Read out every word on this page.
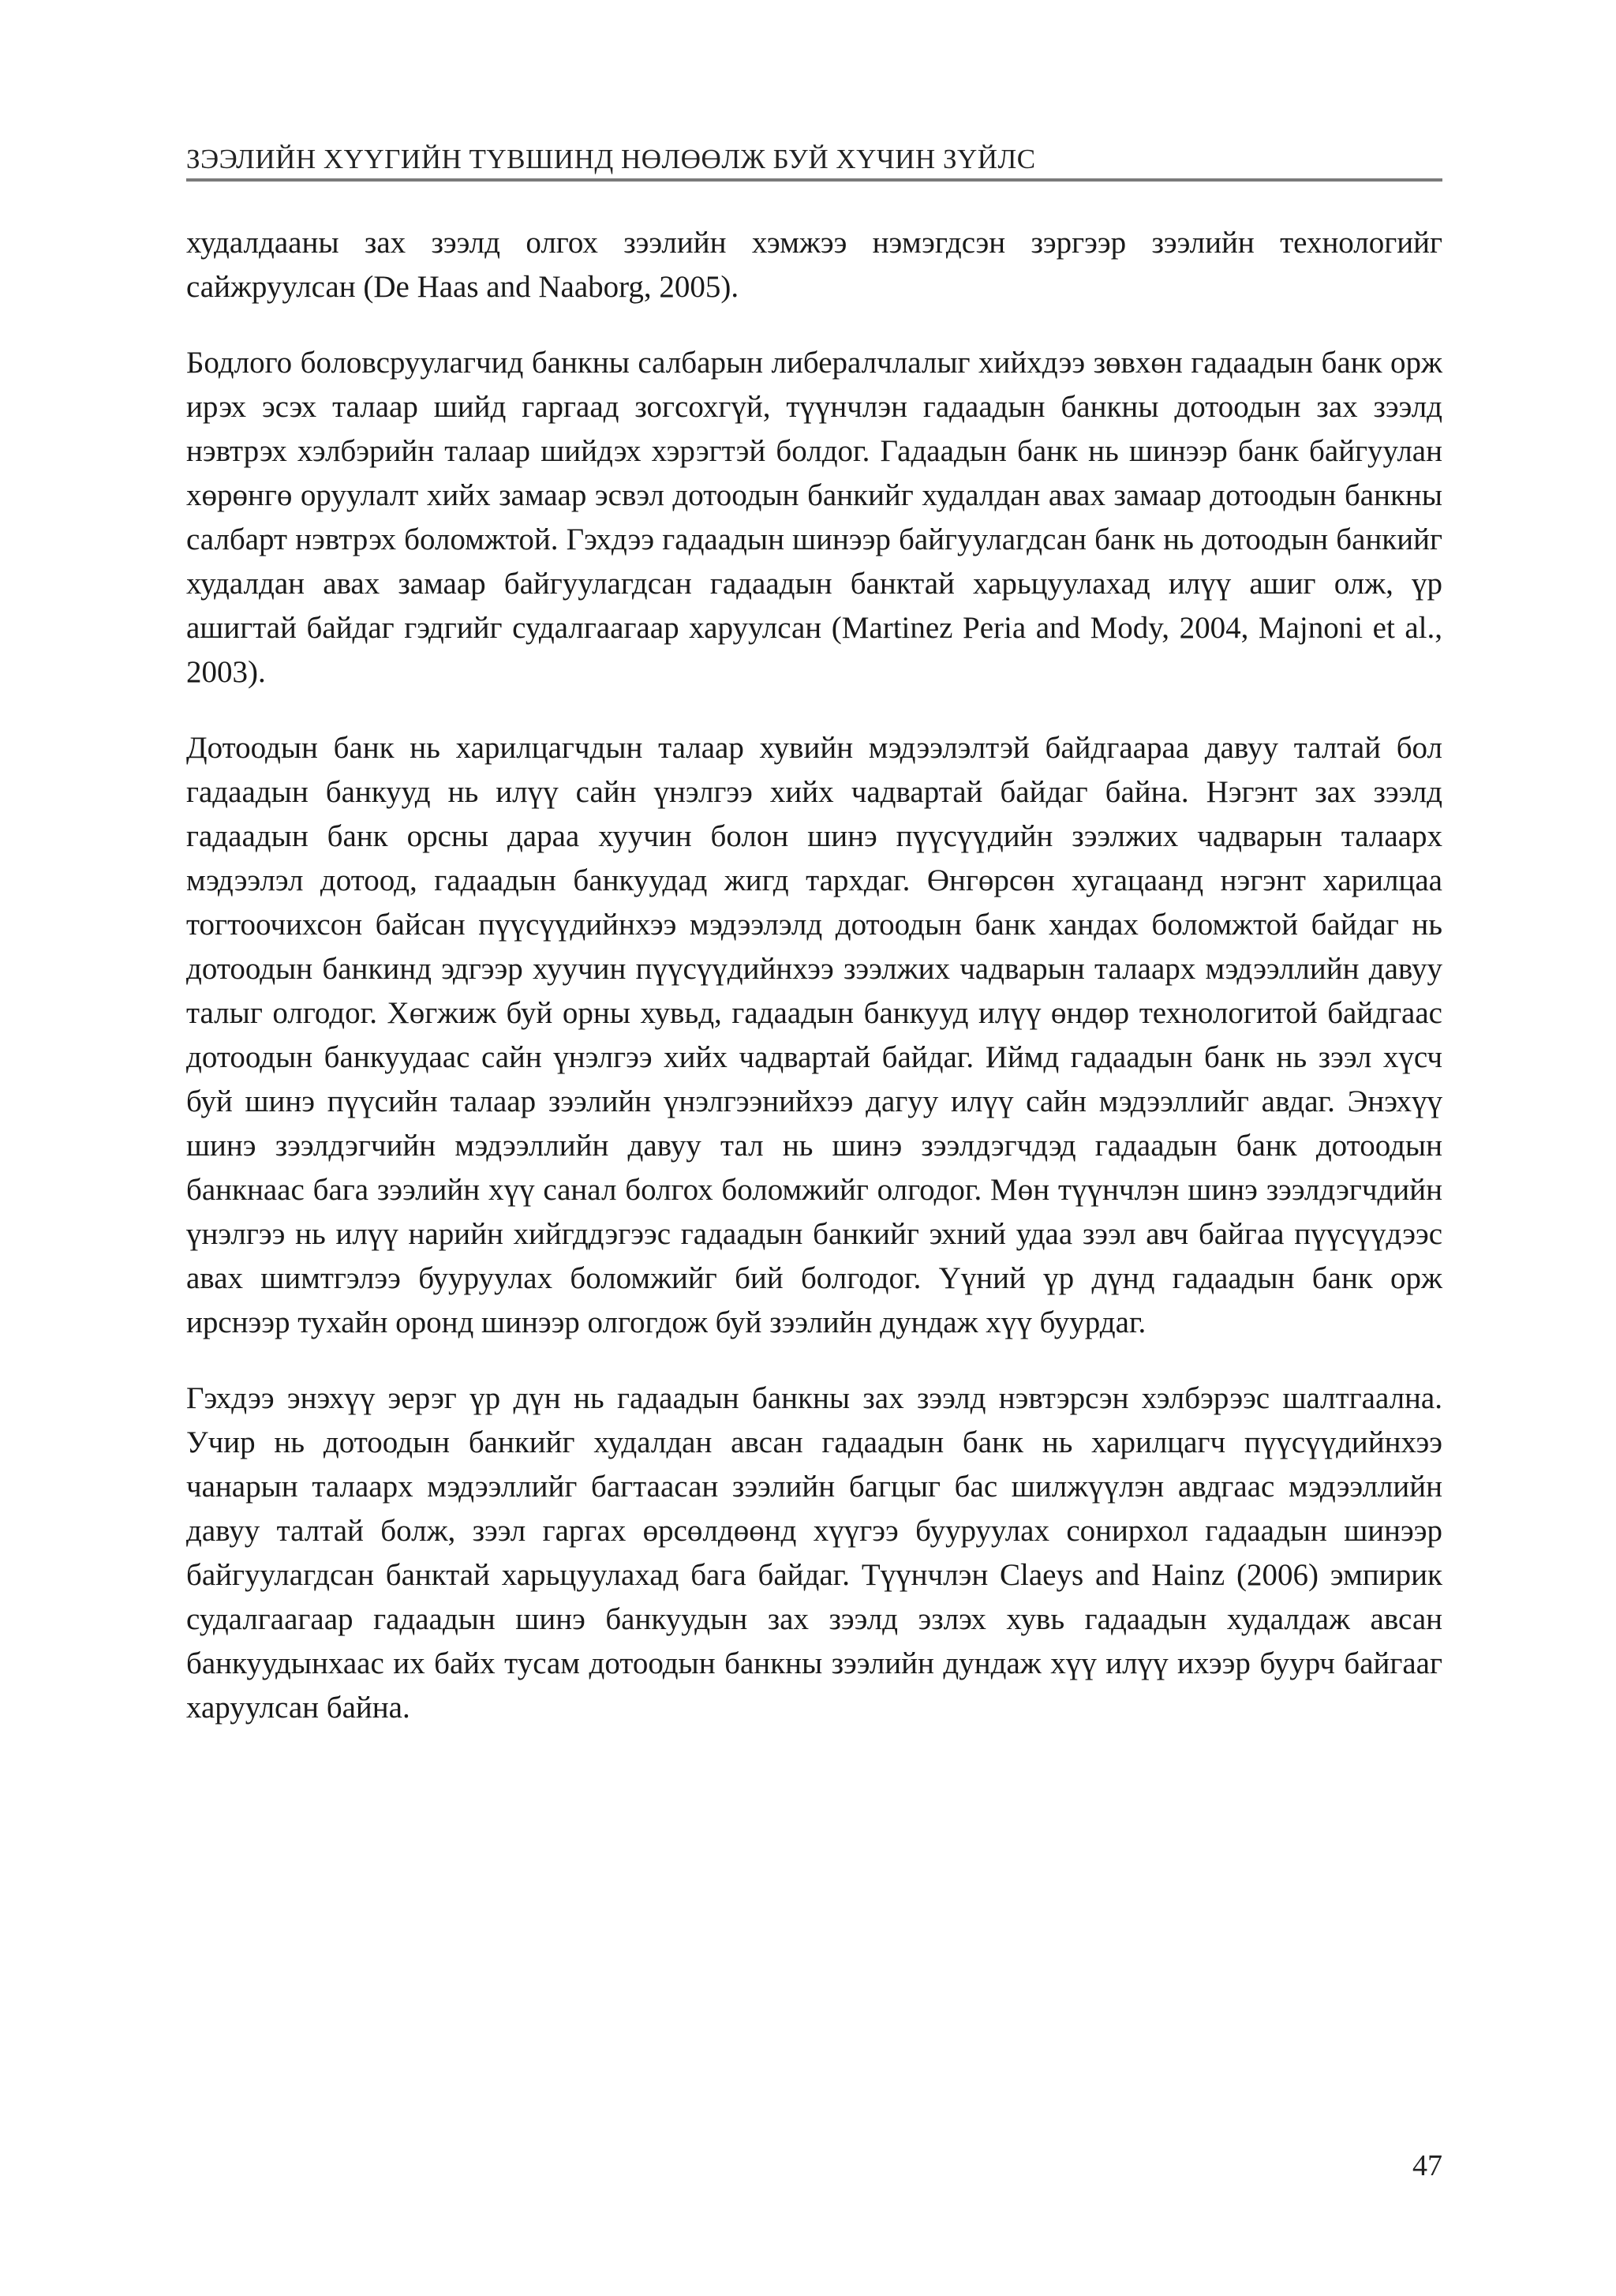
ЗЭЭЛИЙН ХҮҮГИЙН ТҮВШИНД НӨЛӨӨЛЖ БУЙ ХҮЧИН ЗҮЙЛС

худалдааны зах зээлд олгох зээлийн хэмжээ нэмэгдсэн зэргээр зээлийн технологийг сайжруулсан (De Haas and Naaborg, 2005).

Бодлого боловсруулагчид банкны салбарын либералчлалыг хийхдээ зөвхөн гадаадын банк орж ирэх эсэх талаар шийд гаргаад зогсохгүй, түүнчлэн гадаадын банкны дотоодын зах зээлд нэвтрэх хэлбэрийн талаар шийдэх хэрэгтэй болдог. Гадаадын банк нь шинээр банк байгуулан хөрөнгө оруулалт хийх замаар эсвэл дотоодын банкийг худалдан авах замаар дотоодын банкны салбарт нэвтрэх боломжтой. Гэхдээ гадаадын шинээр байгуулагдсан банк нь дотоодын банкийг худалдан авах замаар байгуулагдсан гадаадын банктай харьцуулахад илүү ашиг олж, үр ашигтай байдаг гэдгийг судалгаагаар харуулсан (Martinez Peria and Mody, 2004, Majnoni et al., 2003).

Дотоодын банк нь харилцагчдын талаар хувийн мэдээлэлтэй байдгаараа давуу талтай бол гадаадын банкууд нь илүү сайн үнэлгээ хийх чадвартай байдаг байна. Нэгэнт зах зээлд гадаадын банк орсны дараа хуучин болон шинэ пүүсүүдийн зээлжих чадварын талаарх мэдээлэл дотоод, гадаадын банкуудад жигд тархдаг. Өнгөрсөн хугацаанд нэгэнт харилцаа тогтоочихсон байсан пүүсүүдийнхээ мэдээлэлд дотоодын банк хандах боломжтой байдаг нь дотоодын банкинд эдгээр хуучин пүүсүүдийнхээ зээлжих чадварын талаарх мэдээллийн давуу талыг олгодог. Хөгжиж буй орны хувьд, гадаадын банкууд илүү өндөр технологитой байдгаас дотоодын банкуудаас сайн үнэлгээ хийх чадвартай байдаг. Иймд гадаадын банк нь зээл хүсч буй шинэ пүүсийн талаар зээлийн үнэлгээнийхээ дагуу илүү сайн мэдээллийг авдаг. Энэхүү шинэ зээлдэгчийн мэдээллийн давуу тал нь шинэ зээлдэгчдэд гадаадын банк дотоодын банкнаас бага зээлийн хүү санал болгох боломжийг олгодог. Мөн түүнчлэн шинэ зээлдэгчдийн үнэлгээ нь илүү нарийн хийгддэгээс гадаадын банкийг эхний удаа зээл авч байгаа пүүсүүдээс авах шимтгэлээ бууруулах боломжийг бий болгодог. Үүний үр дүнд гадаадын банк орж ирснээр тухайн оронд шинээр олгогдож буй зээлийн дундаж хүү буурдаг.

Гэхдээ энэхүү эерэг үр дүн нь гадаадын банкны зах зээлд нэвтэрсэн хэлбэрээс шалтгаална. Учир нь дотоодын банкийг худалдан авсан гадаадын банк нь харилцагч пүүсүүдийнхээ чанарын талаарх мэдээллийг багтаасан зээлийн багцыг бас шилжүүлэн авдгаас мэдээллийн давуу талтай болж, зээл гаргах өрсөлдөөнд хүүгээ бууруулах сонирхол гадаадын шинээр байгуулагдсан банктай харьцуулахад бага байдаг. Түүнчлэн Claeys and Hainz (2006) эмпирик судалгаагаар гадаадын шинэ банкуудын зах зээлд эзлэх хувь гадаадын худалдаж авсан банкуудынхаас их байх тусам дотоодын банкны зээлийн дундаж хүү илүү ихээр буурч байгааг харуулсан байна.

47
